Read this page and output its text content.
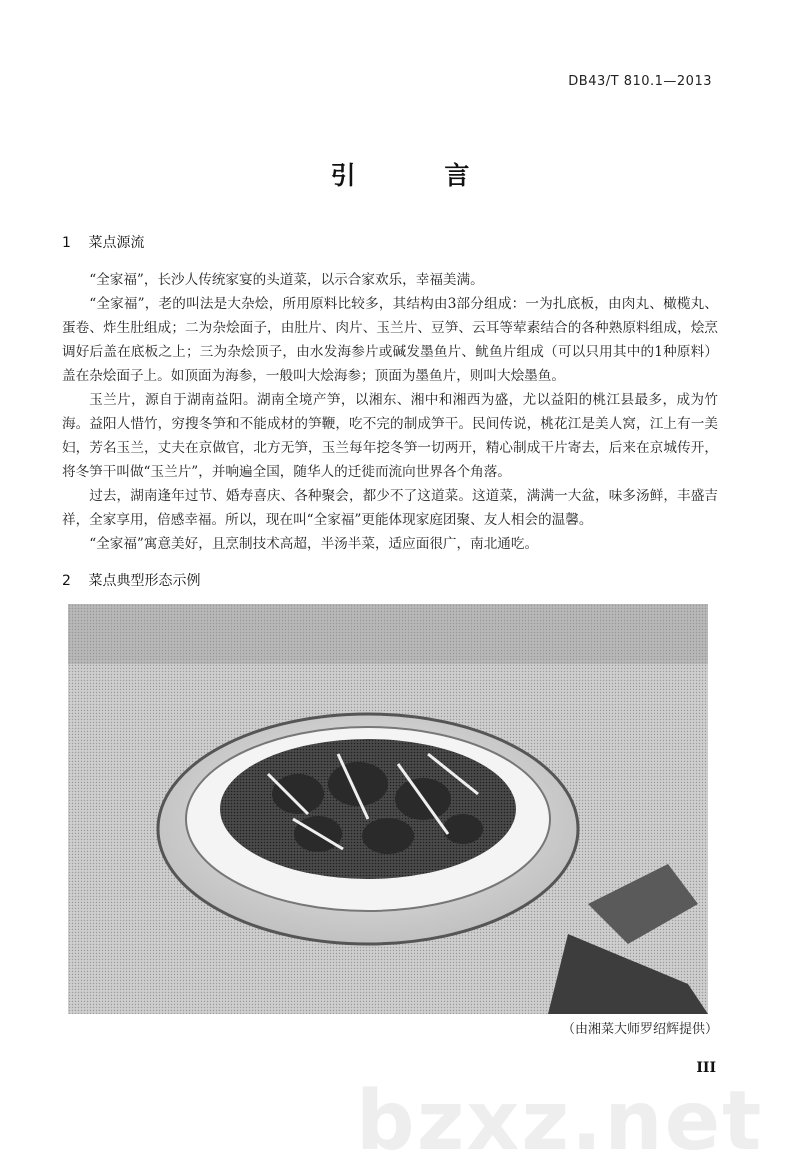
DB43/T 810.1—2013
引 言
1 菜点源流

“全家福”，长沙人传统家宴的头道菜，以示合家欢乐，幸福美满。

“全家福”，老的叫法是大杂烩，所用原料比较多，其结构由3部分组成：一为扎底板，由肉丸、橄榄丸、蛋卷、炸生肚组成；二为杂烩面子，由肚片、肉片、玉兰片、豆笋、云耳等荤素结合的各种熟原料组成，烩烹调好后盖在底板之上；三为杂烩顶子，由水发海参片或碱发墨鱼片、鱿鱼片组成（可以只用其中的1种原料）盖在杂烩面子上。如顶面为海参，一般叫大烩海参；顶面为墨鱼片，则叫大烩墨鱼。

玉兰片，源自于湖南益阳。湖南全境产笋，以湘东、湘中和湘西为盛，尤以益阳的桃江县最多，成为竹海。益阳人惜竹，穷搜冬笋和不能成材的笋鞭，吃不完的制成笋干。民间传说，桃花江是美人窝，江上有一美妇，芳名玉兰，丈夫在京做官，北方无笋，玉兰每年挖冬笋一切两开，精心制成干片寄去，后来在京城传开，将冬笋干叫做“玉兰片”，并响遍全国，随华人的迁徙而流向世界各个角落。

过去，湖南逢年过节、婚寿喜庆、各种聚会，都少不了这道菜。这道菜，满满一大盆，味多汤鲜，丰盛吉祥，全家享用，倍感幸福。所以，现在叫“全家福”更能体现家庭团聚、友人相会的温馨。

“全家福”寓意美好，且烹制技术高超，半汤半菜，适应面很广，南北通吃。

2 菜点典型形态示例
（由湘菜大师罗绍辉提供）
bzxz.net
III
